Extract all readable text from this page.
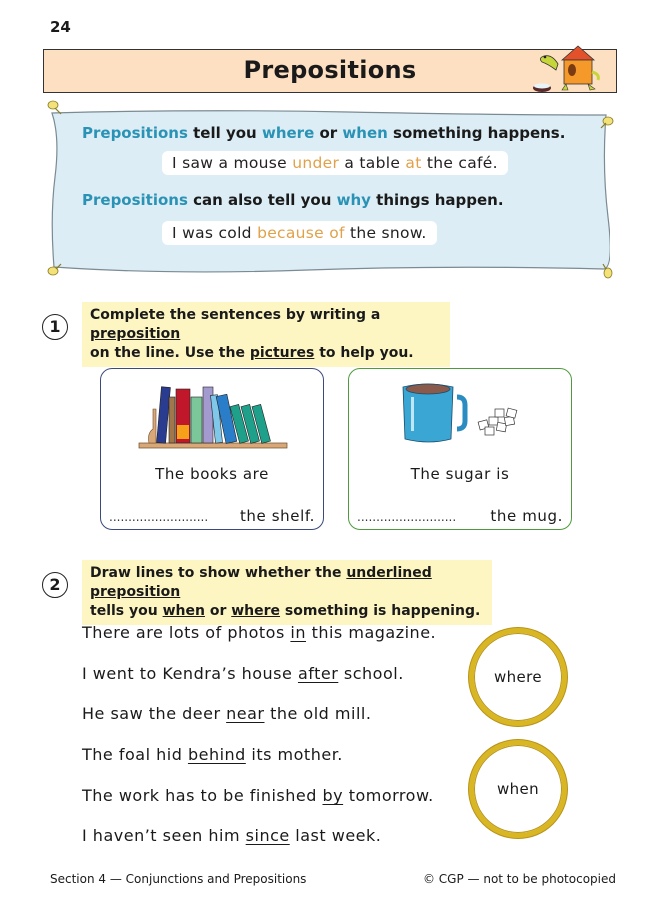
24
Prepositions
Prepositions tell you where or when something happens.
I saw a mouse under a table at the café.
Prepositions can also tell you why things happen.
I was cold because of the snow.
1
Complete the sentences by writing a preposition
on the line. Use the pictures to help you.
The books are
.......................... the shelf.
The sugar is
.......................... the mug.
2
Draw lines to show whether the underlined preposition
tells you when or where something is happening.
There are lots of photos in this magazine.
I went to Kendra’s house after school.
He saw the deer near the old mill.
The foal hid behind its mother.
The work has to be finished by tomorrow.
I haven’t seen him since last week.
where
when
Section 4 — Conjunctions and Prepositions	© CGP — not to be photocopied
